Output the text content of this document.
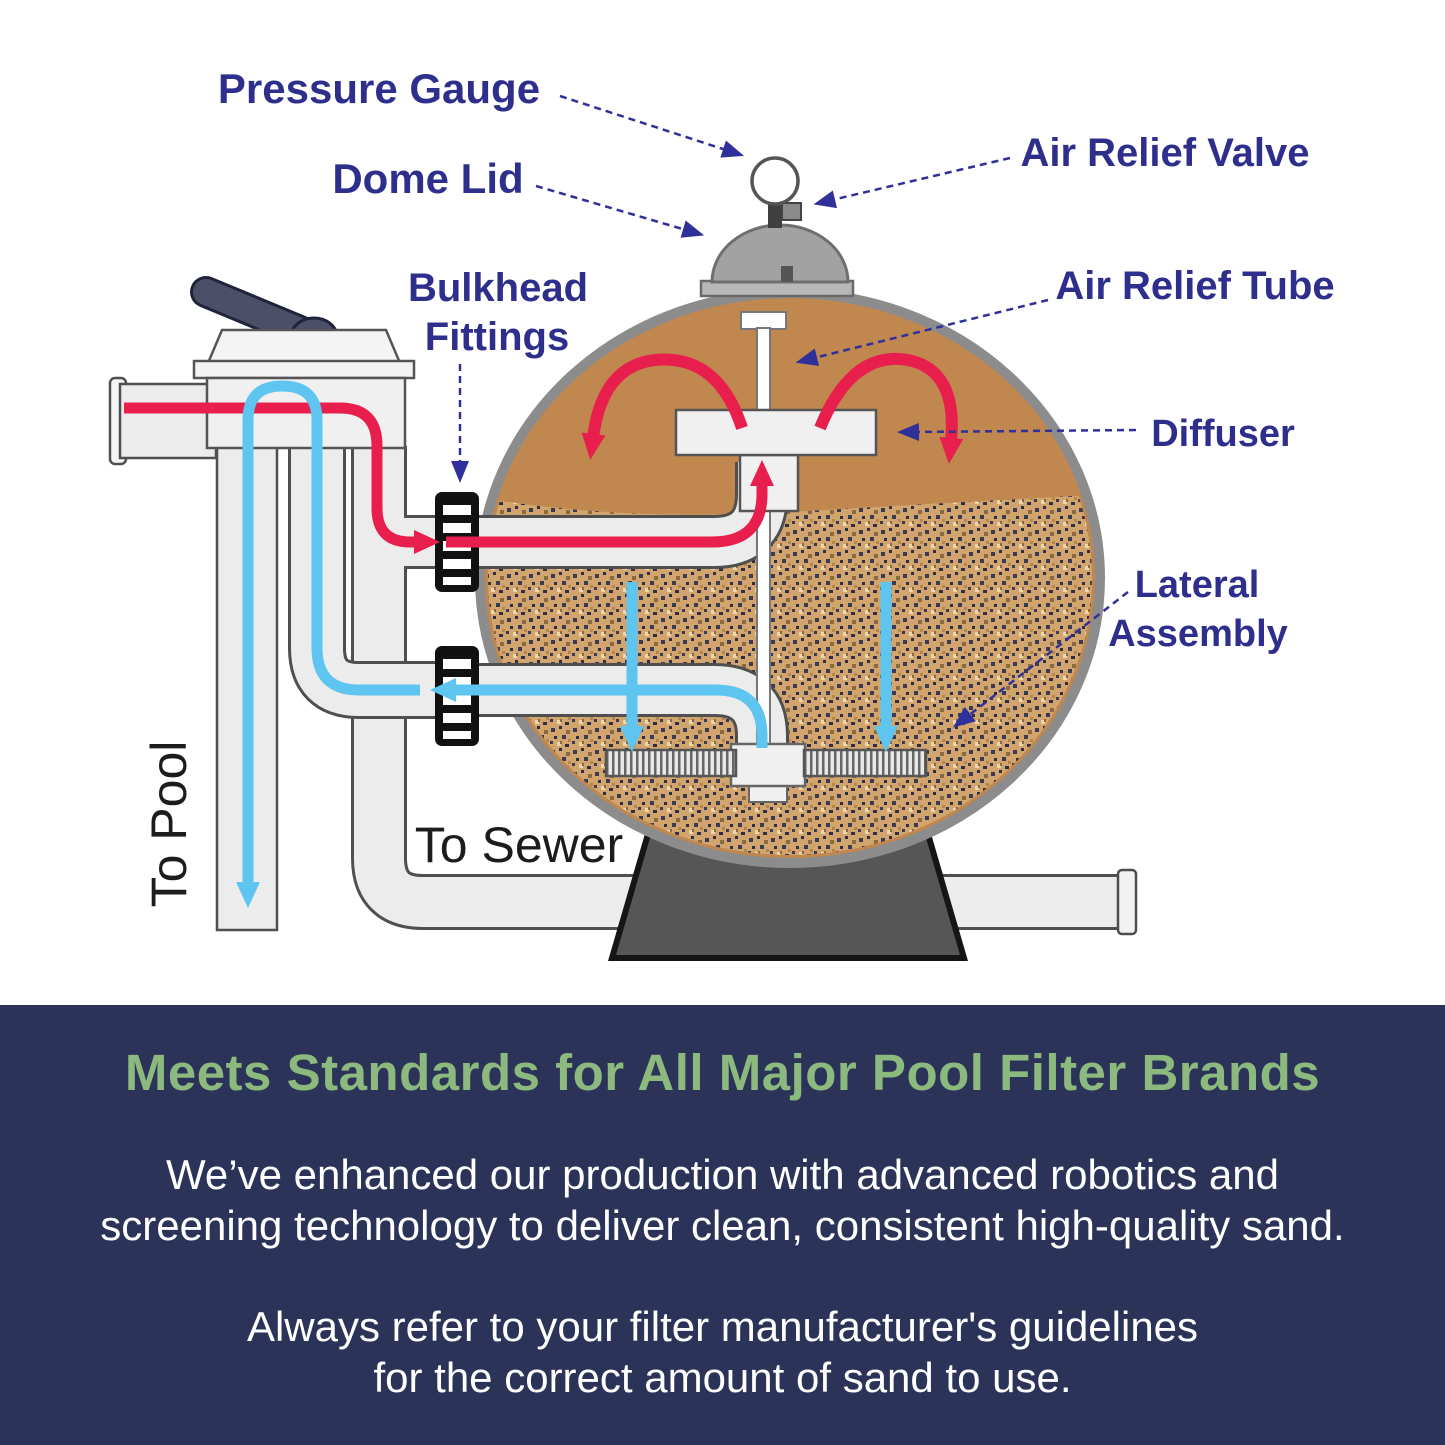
Pressure Gauge
Air Relief Valve
Dome Lid
Air Relief Tube
Bulkhead
Fittings
Diffuser
Lateral
Assembly
To Pool	To Sewer
Meets Standards for All Major Pool Filter Brands

We’ve enhanced our production with advanced robotics and
screening technology to deliver clean, consistent high-quality sand.

Always refer to your filter manufacturer's guidelines
for the correct amount of sand to use.
